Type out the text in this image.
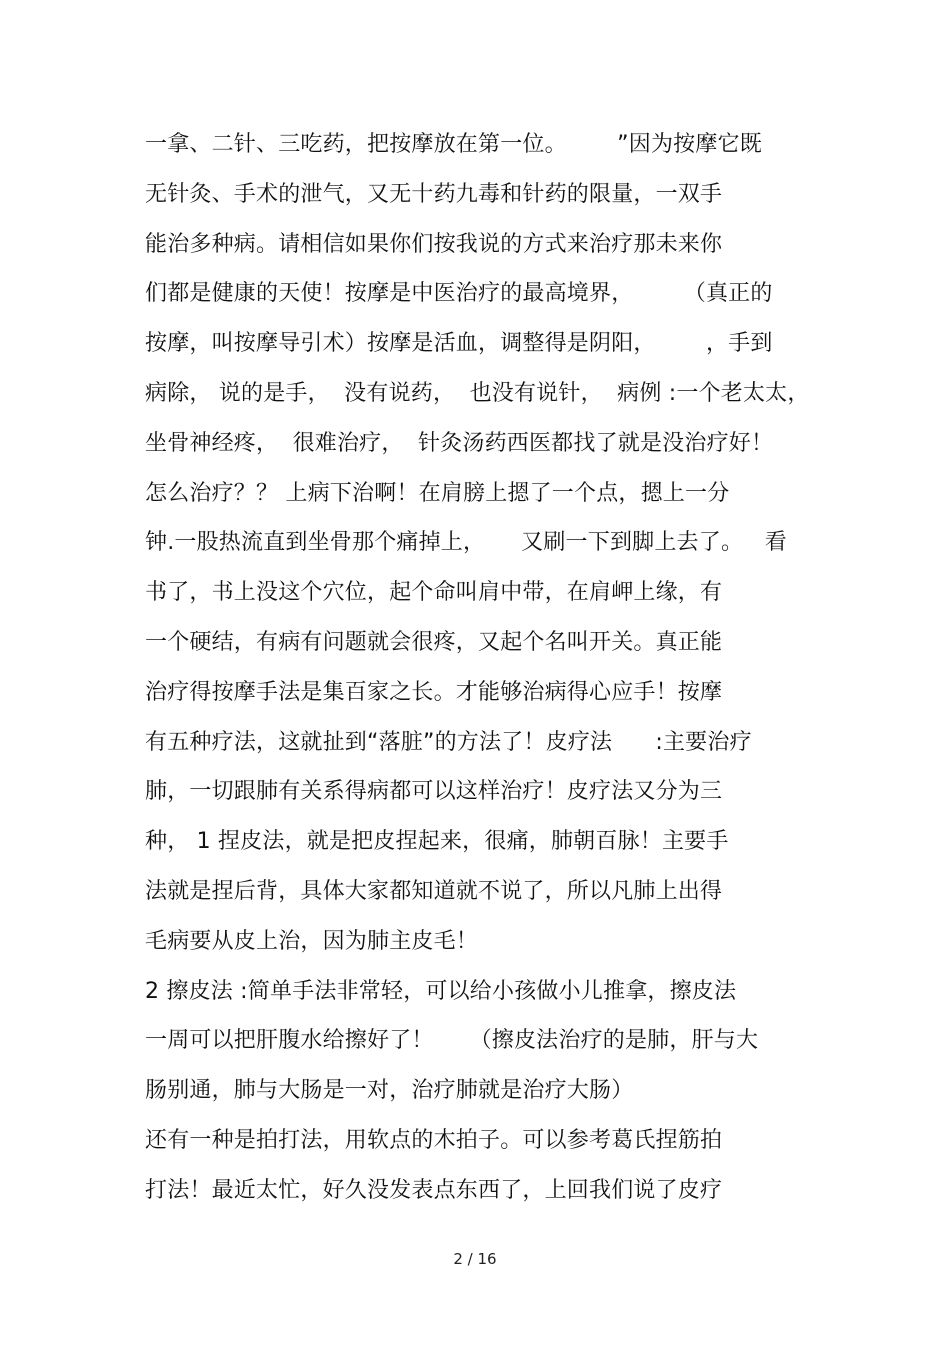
一拿、二针、三吃药，把按摩放在第一位。       ”因为按摩它既
无针灸、手术的泄气，又无十药九毒和针药的限量，一双手
能治多种病。请相信如果你们按我说的方式来治疗那未来你
们都是健康的天使！按摩是中医治疗的最高境界，       （真正的
按摩，叫按摩导引术）按摩是活血，调整得是阴阳，       ，手到
病除， 说的是手，  没有说药，  也没有说针，  病例 :一个老太太，
坐骨神经疼，  很难治疗，  针灸汤药西医都找了就是没治疗好！
怎么治疗？？ 上病下治啊！在肩膀上摁了一个点，摁上一分
钟.一股热流直到坐骨那个痛掉上，     又刷一下到脚上去了。   看
书了，书上没这个穴位，起个命叫肩中带，在肩岬上缘，有
一个硬结，有病有问题就会很疼，又起个名叫开关。真正能
治疗得按摩手法是集百家之长。才能够治病得心应手！按摩
有五种疗法，这就扯到“落脏”的方法了！皮疗法      :主要治疗
肺，一切跟肺有关系得病都可以这样治疗！皮疗法又分为三
种， 1 捏皮法，就是把皮捏起来，很痛，肺朝百脉！主要手
法就是捏后背，具体大家都知道就不说了，所以凡肺上出得
毛病要从皮上治，因为肺主皮毛！
2 擦皮法 :简单手法非常轻，可以给小孩做小儿推拿，擦皮法
一周可以把肝腹水给擦好了！     （擦皮法治疗的是肺，肝与大
肠别通，肺与大肠是一对，治疗肺就是治疗大肠）
还有一种是拍打法，用软点的木拍子。可以参考葛氏捏筋拍
打法！最近太忙，好久没发表点东西了，上回我们说了皮疗
2 / 16
